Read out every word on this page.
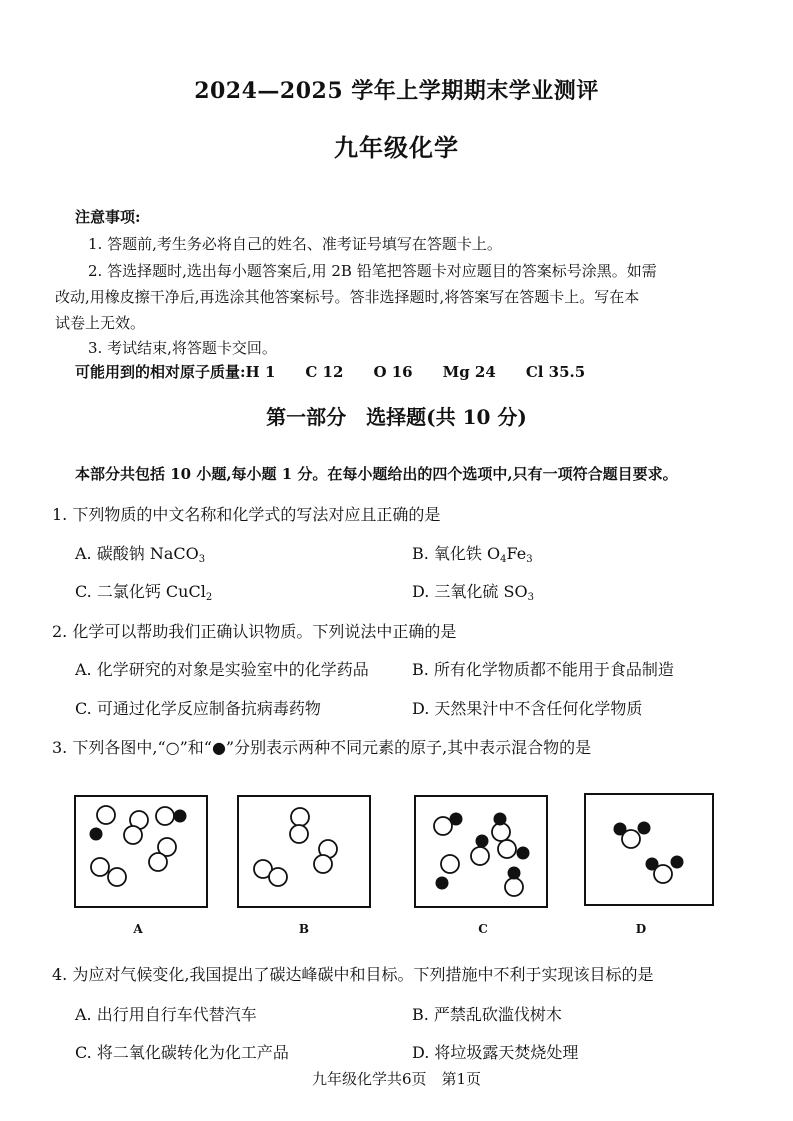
2024—2025 学年上学期期末学业测评
九年级化学
注意事项:
1. 答题前,考生务必将自己的姓名、准考证号填写在答题卡上。
2. 答选择题时,选出每小题答案后,用 2B 铅笔把答题卡对应题目的答案标号涂黑。如需
改动,用橡皮擦干净后,再选涂其他答案标号。答非选择题时,将答案写在答题卡上。写在本
试卷上无效。
3. 考试结束,将答题卡交回。
可能用到的相对原子质量:H 1 C 12 O 16 Mg 24 Cl 35.5
第一部分　选择题(共 10 分)
本部分共包括 10 小题,每小题 1 分。在每小题给出的四个选项中,只有一项符合题目要求。
1. 下列物质的中文名称和化学式的写法对应且正确的是
A. 碳酸钠 NaCO$_3$	B. 氧化铁 $O_4Fe_3$
C. 二氯化钙 CuCl$_2$	D. 三氧化硫 $SO_3$
2. 化学可以帮助我们正确认识物质。下列说法中正确的是
A. 化学研究的对象是实验室中的化学药品	B. 所有化学物质都不能用于食品制造
C. 可通过化学反应制备抗病毒药物	D. 天然果汁中不含任何化学物质
3. 下列各图中,“○”和“●”分别表示两种不同元素的原子,其中表示混合物的是
A	B	C	D
4. 为应对气候变化,我国提出了碳达峰碳中和目标。下列措施中不利于实现该目标的是
A. 出行用自行车代替汽车	B. 严禁乱砍滥伐树木
C. 将二氧化碳转化为化工产品	D. 将垃圾露天焚烧处理
九年级化学共6页　第1页
